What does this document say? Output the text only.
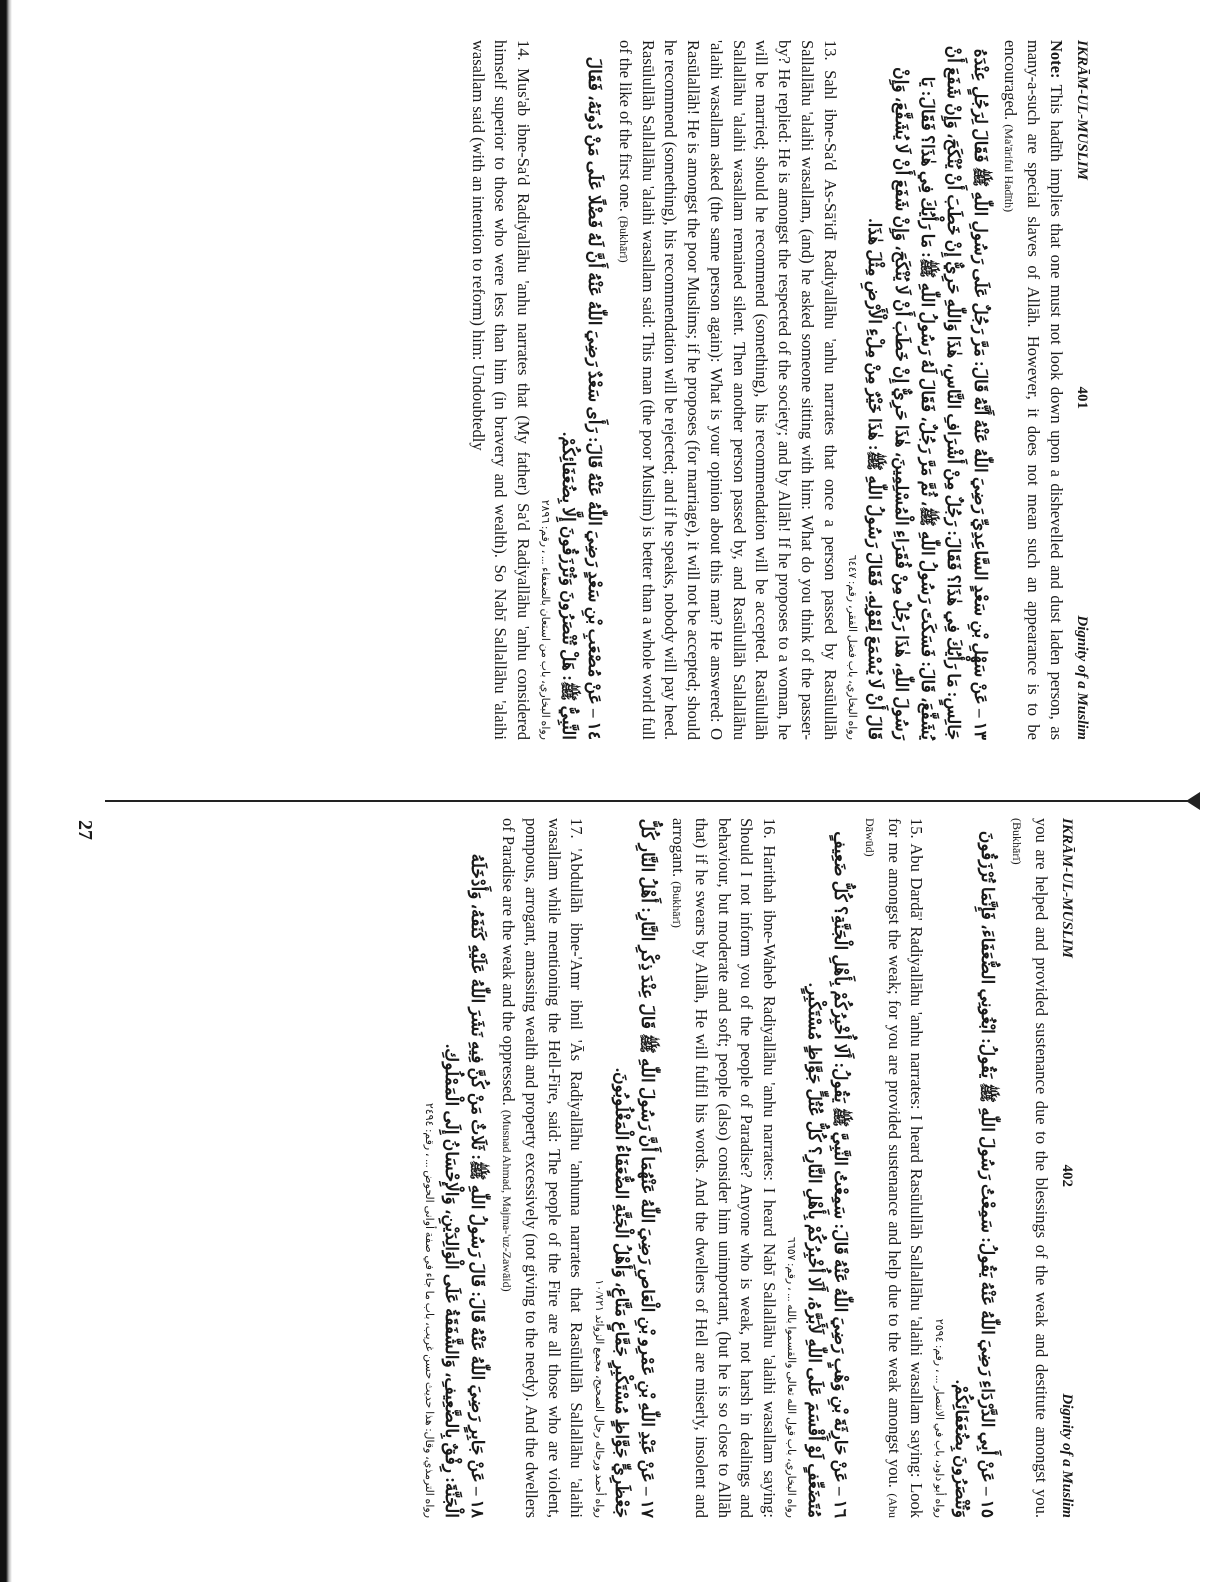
27
IKRĀM-UL-MUSLIM
401
Dignity of a Muslim

Note: This hadīth implies that one must not look down upon a dishevelled and dust laden person, as many-a-such are special slaves of Allāh. However, it does not mean such an appearance is to be encouraged. (Ma'āriful Hadīth)

١٣ – عَنْ سَهْلِ بْنِ سَعْدٍ السَّاعِدِيِّ رَضِيَ اللّٰهُ عَنْهُ أَنَّهُ قَالَ: مَرَّ رَجُلٌ عَلَى رَسُولِ اللّٰهِ ﷺ فَقَالَ لِرَجُلٍ عِنْدَهُ جَالِسٍ: مَا رَأْيُكَ فِي هٰذَا؟ فَقَالَ: رَجُلٌ مِنْ أَشْرَافِ النَّاسِ، هٰذَا وَاللّٰهِ حَرِيٌّ إِنْ خَطَبَ أَنْ يُنْكَحَ، وَإِنْ شَفَعَ أَنْ يُشَفَّعَ، قَالَ: فَسَكَتَ رَسُولُ اللّٰهِ ﷺ، ثُمَّ مَرَّ رَجُلٌ، فَقَالَ لَهُ رَسُولُ اللّٰهِ ﷺ: مَا رَأْيُكَ فِي هٰذَا؟ فَقَالَ: يَا رَسُولَ اللّٰهِ، هٰذَا رَجُلٌ مِنْ فُقَرَاءِ الْمُسْلِمِينَ، هٰذَا حَرِيٌّ إِنْ خَطَبَ أَنْ لَا يُنْكَحَ، وَإِنْ شَفَعَ أَنْ لَا يُشَفَّعَ، وَإِنْ قَالَ أَنْ لَا يُسْمَعَ لِقَوْلِهِ. فَقَالَ رَسُولُ اللّٰهِ ﷺ: هٰذَا خَيْرٌ مِنْ مِلْءِ الْأَرْضِ مِثْلَ هٰذَا.
رواه البخاري، باب فضل الفقر، رقم: ٦٤٤٧

13. Sahl ibne-Sa'd As-Sā'idī Radiyallāhu 'anhu narrates that once a person passed by Rasūlullāh Sallallāhu 'alaihi wasallam, (and) he asked someone sitting with him: What do you think of the passer-by? He replied: He is amongst the respected of the society; and by Allāh! If he proposes to a woman, he will be married; should he recommend (something), his recommendation will be accepted. Rasūlullāh Sallallāhu 'alaihi wasallam remained silent. Then another person passed by, and Rasūlullāh Sallallāhu 'alaihi wasallam asked (the same person again): What is your opinion about this man? He answered: O Rasūlallāh! He is amongst the poor Muslims; if he proposes (for marriage), it will not be accepted; should he recommend (something), his recommendation will be rejected; and if he speaks, nobody will pay heed. Rasūlullāh Sallallāhu 'alaihi wasallam said: This man (the poor Muslim) is better than a whole world full of the like of the first one. (Bukhārī)

١٤ – عَنْ مُصْعَبِ بْنِ سَعْدٍ رَضِيَ اللّٰهُ عَنْهُ قَالَ: رَأَى سَعْدٌ رَضِيَ اللّٰهُ عَنْهُ أَنَّ لَهُ فَضْلًا عَلَى مَنْ دُونَهُ، فَقَالَ النَّبِيُّ ﷺ: هَلْ تُنْصَرُونَ وَتُرْزَقُونَ إِلَّا بِضُعَفَائِكُمْ.
رواه البخاري، باب من استعان بالضعفاء ... ، رقم: ٢٨٩٦

14. Mus'ab ibne-Sa'd Radiyallāhu 'anhu narrates that (My father) Sa'd Radiyallāhu 'anhu considered himself superior to those who were less than him (in bravery and wealth). So Nabī Sallallāhu 'alaihi wasallam said (with an intention to reform) him: Undoubtedly

IKRĀM-UL-MUSLIM
402
Dignity of a Muslim

you are helped and provided sustenance due to the blessings of the weak and destitute amongst you. (Bukhārī)

١٥ – عَنْ أَبِي الدَّرْدَاءِ رَضِيَ اللّٰهُ عَنْهُ يَقُولُ: سَمِعْتُ رَسُولَ اللّٰهِ ﷺ يَقُولُ: ابْغُونِي الضُّعَفَاءَ، فَإِنَّمَا تُرْزَقُونَ وَتُنْصَرُونَ بِضُعَفَائِكُمْ.
رواه أبو داود، باب في الانتصار ... ، رقم: ٢٥٩٤

15. Abu Dardā' Radiyallāhu 'anhu narrates: I heard Rasūlullāh Sallallāhu 'alaihi wasallam saying: Look for me amongst the weak; for you are provided sustenance and help due to the weak amongst you. (Abu Dāwūd)

١٦ – عَنْ حَارِثَةَ بْنِ وَهْبٍ رَضِيَ اللّٰهُ عَنْهُ قَالَ: سَمِعْتُ النَّبِيَّ ﷺ يَقُولُ: أَلَا أُخْبِرُكُمْ بِأَهْلِ الْجَنَّةِ؟ كُلُّ ضَعِيفٍ مُتَضَعِّفٍ لَوْ أَقْسَمَ عَلَى اللّٰهِ لَأَبَرَّهُ، أَلَا أُخْبِرُكُمْ بِأَهْلِ النَّارِ؟ كُلُّ عُتُلٍّ جَوَّاظٍ مُسْتَكْبِرٍ.
رواه البخاري، باب قول الله تعالى والقسموا بالله ... ، رقم: ٦٦٥٧

16. Harithah ibne-Waheb Radiyallāhu 'anhu narrates: I heard Nabī Sallallāhu 'alaihi wasallam saying: Should I not inform you of the people of Paradise? Anyone who is weak, not harsh in dealings and behaviour, but moderate and soft; people (also) consider him unimportant, (but he is so close to Allāh that) if he swears by Allāh, He will fulfil his words. And the dwellers of Hell are miserly, insolent and arrogant. (Bukhārī)

١٧ – عَنْ عَبْدِ اللّٰهِ بْنِ عَمْرِو بْنِ الْعَاصِ رَضِيَ اللّٰهُ عَنْهُمَا أَنَّ رَسُولَ اللّٰهِ ﷺ قَالَ عِنْدَ ذِكْرِ النَّارِ: أَهْلُ النَّارِ كُلُّ جَعْظَرِيٍّ جَوَّاظٍ مُسْتَكْبِرٍ جَمَّاعٍ مَنَّاعٍ، وَأَهْلُ الْجَنَّةِ الضُّعَفَاءُ الْمَغْلُوبُونَ.
رواه أحمد ورجاله رجال الصحيح، مجمع الزوائد ١٠/٧٢١

17. 'Abdullāh ibne-'Amr ibnil 'Ās Radiyallāhu 'anhuma narrates that Rasūlullāh Sallallāhu 'alaihi wasallam while mentioning the Hell-Fire, said: The people of the Fire are all those who are violent, pompous, arrogant, amassing wealth and property excessively (not giving to the needy). And the dwellers of Paradise are the weak and the oppressed. (Musnad Ahmad, Majma-'uz-Zawāid)

١٨ – عَنْ جَابِرٍ رَضِيَ اللّٰهُ عَنْهُ قَالَ: قَالَ رَسُولُ اللّٰهِ ﷺ: ثَلَاثٌ مَنْ كُنَّ فِيهِ نَشَرَ اللّٰهُ عَلَيْهِ كَنَفَهُ، وَأَدْخَلَهُ الْجَنَّةَ: رِفْقٌ بِالضَّعِيفِ، وَالشَّفَقَةُ عَلَى الْوَالِدَيْنِ، وَالْإِحْسَانُ إِلَى الْمَمْلُوكِ.
رواه الترمذي، وقال: هذا حديث حسن غريب، باب ما جاء في صفة أوانى الحوض ... ، رقم: ٢٤٩٤
